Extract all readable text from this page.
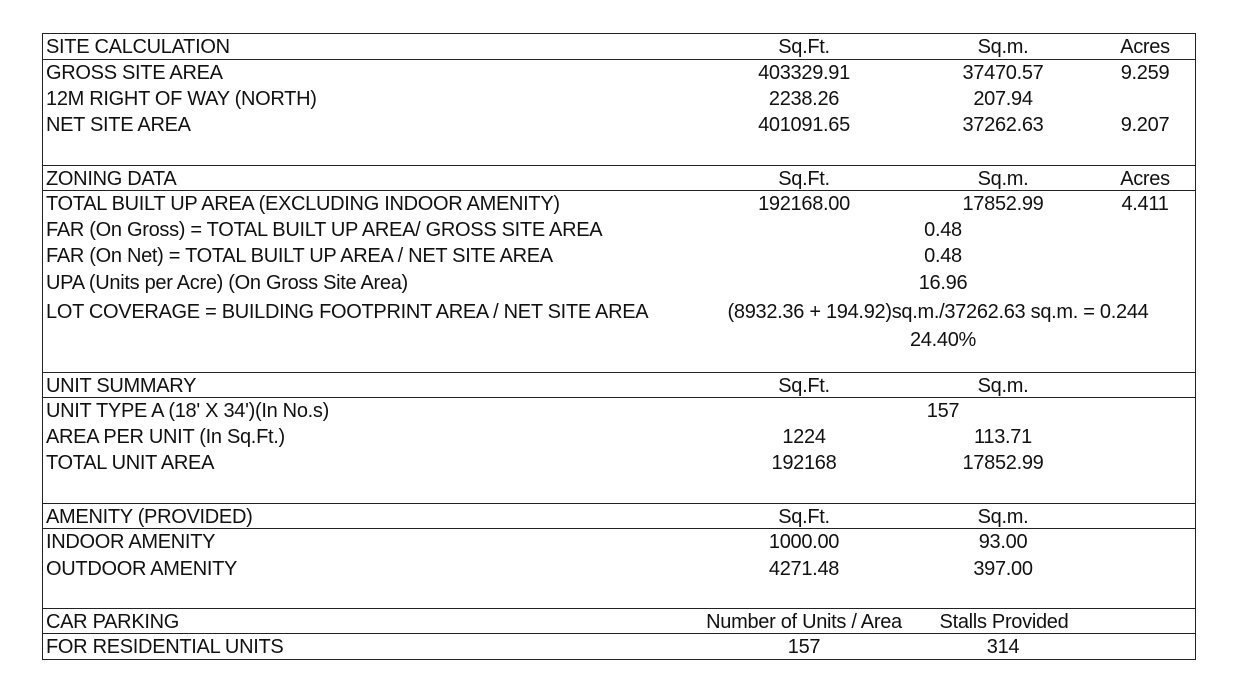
SITE CALCULATION	Sq.Ft.	Sq.m.	Acres
GROSS SITE AREA	403329.91	37470.57	9.259
12M RIGHT OF WAY (NORTH)	2238.26	207.94
NET SITE AREA	401091.65	37262.63	9.207
ZONING DATA	Sq.Ft.	Sq.m.	Acres
TOTAL BUILT UP AREA (EXCLUDING INDOOR AMENITY)	192168.00	17852.99	4.411
FAR (On Gross) = TOTAL BUILT UP AREA/ GROSS SITE AREA	0.48
FAR (On Net) = TOTAL BUILT UP AREA / NET SITE AREA	0.48
UPA (Units per Acre) (On Gross Site Area)	16.96
LOT COVERAGE = BUILDING FOOTPRINT AREA / NET SITE AREA	(8932.36 + 194.92)sq.m./37262.63 sq.m. = 0.244
24.40%
UNIT SUMMARY	Sq.Ft.	Sq.m.
UNIT TYPE A (18' X 34')(In No.s)	157
AREA PER UNIT (In Sq.Ft.)	1224	113.71
TOTAL UNIT AREA	192168	17852.99
AMENITY (PROVIDED)	Sq.Ft.	Sq.m.
INDOOR AMENITY	1000.00	93.00
OUTDOOR AMENITY	4271.48	397.00
CAR PARKING	Number of Units / Area	Stalls Provided
FOR RESIDENTIAL UNITS	157	314
